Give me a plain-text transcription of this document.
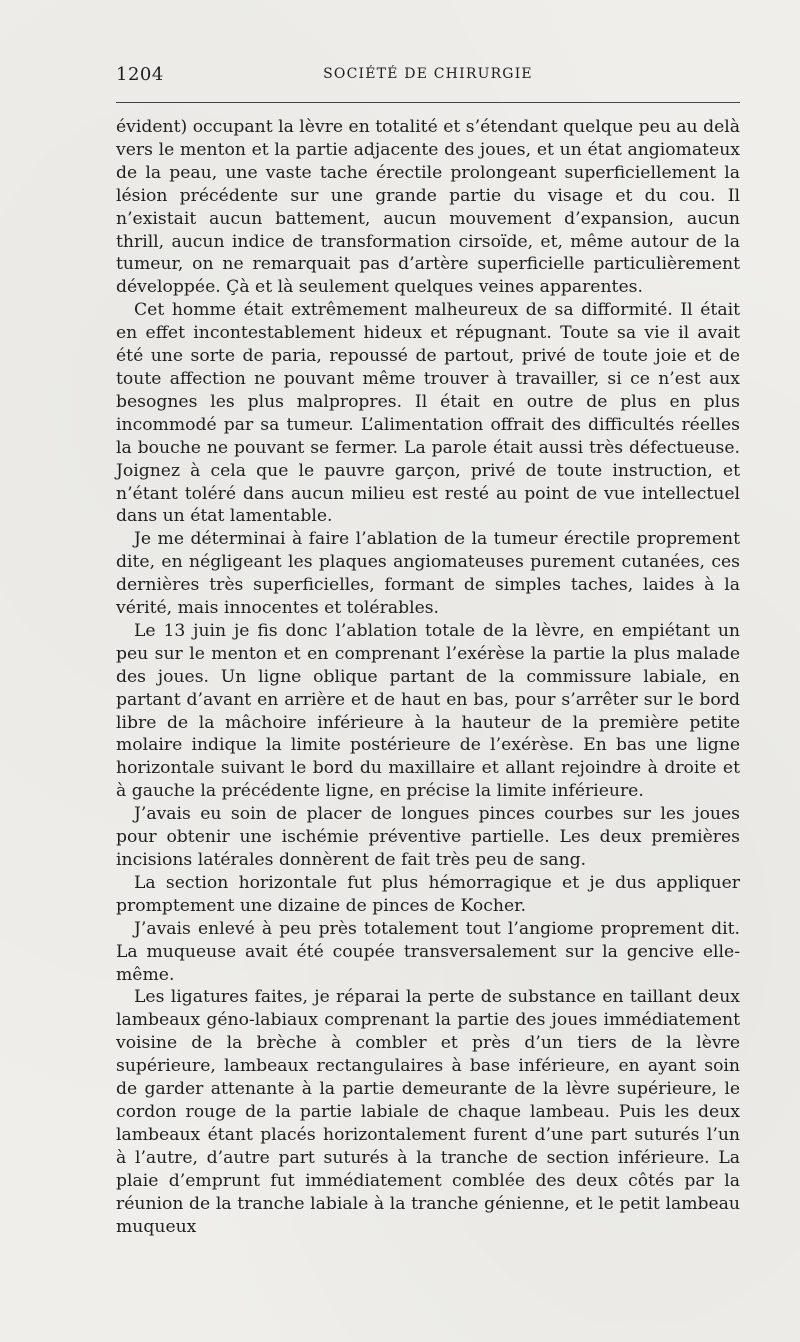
1204	SOCIÉTÉ DE CHIRURGIE

évident) occupant la lèvre en totalité et s’étendant quelque peu au delà vers le menton et la partie adjacente des joues, et un état angiomateux de la peau, une vaste tache érectile prolongeant superficiellement la lésion précédente sur une grande partie du visage et du cou. Il n’existait aucun battement, aucun mouvement d’expansion, aucun thrill, aucun indice de transformation cirsoïde, et, même autour de la tumeur, on ne remarquait pas d’artère superficielle particulièrement développée. Çà et là seulement quelques veines apparentes.

Cet homme était extrêmement malheureux de sa difformité. Il était en effet incontestablement hideux et répugnant. Toute sa vie il avait été une sorte de paria, repoussé de partout, privé de toute joie et de toute affection ne pouvant même trouver à travailler, si ce n’est aux besognes les plus malpropres. Il était en outre de plus en plus incommodé par sa tumeur. L’alimentation offrait des difficultés réelles la bouche ne pouvant se fermer. La parole était aussi très défectueuse. Joignez à cela que le pauvre garçon, privé de toute instruction, et n’étant toléré dans aucun milieu est resté au point de vue intellectuel dans un état lamentable.

Je me déterminai à faire l’ablation de la tumeur érectile proprement dite, en négligeant les plaques angiomateuses purement cutanées, ces dernières très superficielles, formant de simples taches, laides à la vérité, mais innocentes et tolérables.

Le 13 juin je fis donc l’ablation totale de la lèvre, en empiétant un peu sur le menton et en comprenant l’exérèse la partie la plus malade des joues. Un ligne oblique partant de la commissure labiale, en partant d’avant en arrière et de haut en bas, pour s’arrêter sur le bord libre de la mâchoire inférieure à la hauteur de la première petite molaire indique la limite postérieure de l’exérèse. En bas une ligne horizontale suivant le bord du maxillaire et allant rejoindre à droite et à gauche la précédente ligne, en précise la limite inférieure.

J’avais eu soin de placer de longues pinces courbes sur les joues pour obtenir une ischémie préventive partielle. Les deux premières incisions latérales donnèrent de fait très peu de sang.

La section horizontale fut plus hémorragique et je dus appliquer promptement une dizaine de pinces de Kocher.

J’avais enlevé à peu près totalement tout l’angiome proprement dit. La muqueuse avait été coupée transversalement sur la gencive elle-même.

Les ligatures faites, je réparai la perte de substance en taillant deux lambeaux géno-labiaux comprenant la partie des joues immédiatement voisine de la brèche à combler et près d’un tiers de la lèvre supérieure, lambeaux rectangulaires à base inférieure, en ayant soin de garder attenante à la partie demeurante de la lèvre supérieure, le cordon rouge de la partie labiale de chaque lambeau. Puis les deux lambeaux étant placés horizontalement furent d’une part suturés l’un à l’autre, d’autre part suturés à la tranche de section inférieure. La plaie d’emprunt fut immédiatement comblée des deux côtés par la réunion de la tranche labiale à la tranche génienne, et le petit lambeau muqueux
